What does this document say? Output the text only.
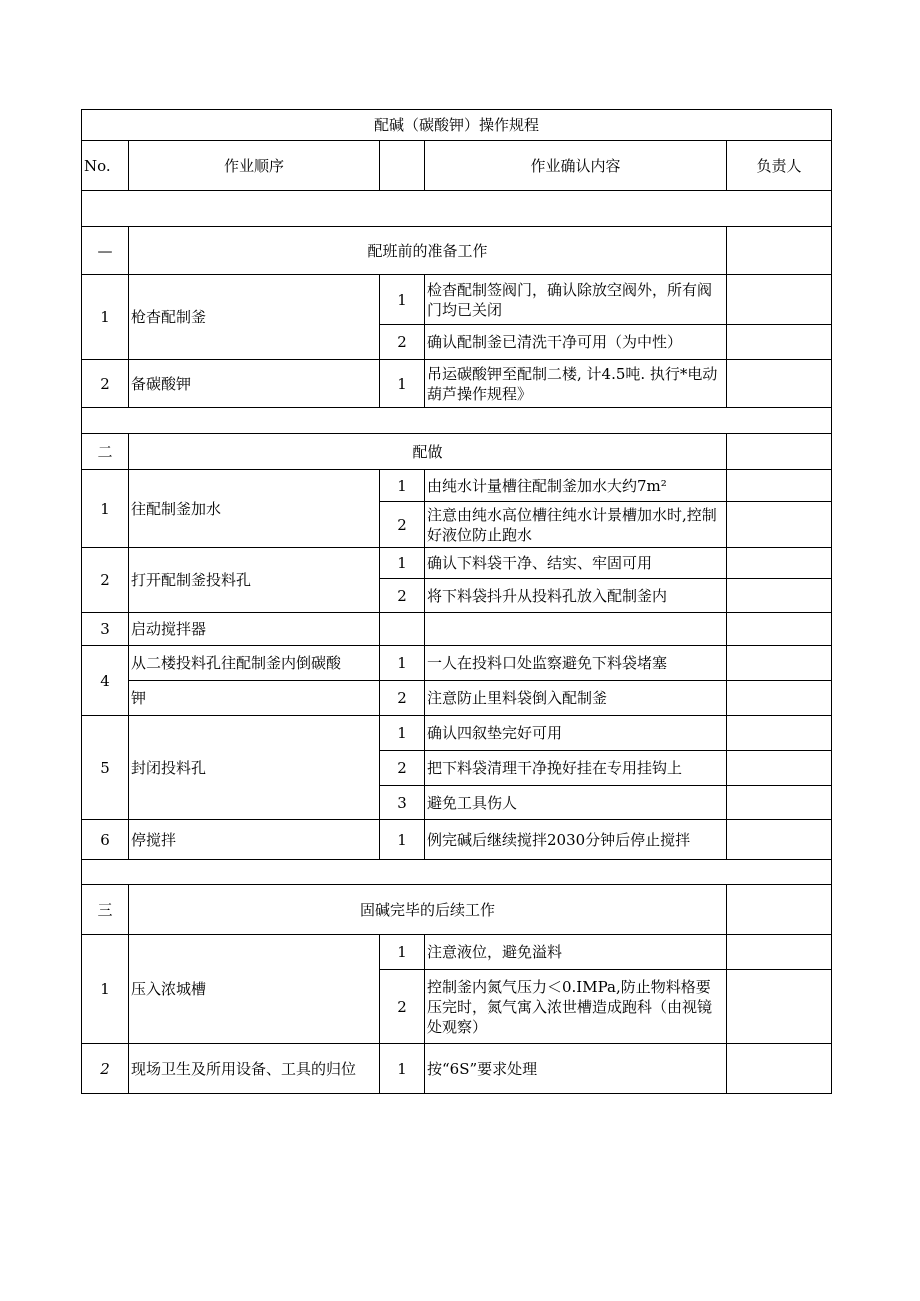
配碱（碳酸钾）操作规程				
No.	作业顺序		作业确认内容	负责人

—	配班前的准备工作			
1	枪杳配制釜	1	检杳配制签阀门，确认除放空阀外，所有阀门均已关闭	
		2	确认配制釜已清洗干净可用（为中性）	
2	备碳酸钾	1	吊运碳酸钾至配制二楼, 计4.5吨. 执行*电动葫芦操作规程》	

二	配做			
1	往配制釜加水	1	由纯水计量槽往配制釜加水大约7m²	
		2	注意由纯水高位槽往纯水计景槽加水时,控制好液位防止跑水	
2	打开配制釜投料孔	1	确认下料袋干净、结实、牢固可用	
		2	将下料袋抖升从投料孔放入配制釜内	
3	启动搅拌器			
4	从二楼投料孔往配制釜内倒碳酸	1	一人在投料口处监察避免下料袋堵塞	
	钾	2	注意防止里料袋倒入配制釜	
5	封闭投料孔	1	确认四叙垫完好可用	
		2	把下料袋清理干净挽好挂在专用挂钩上	
		3	避免工具伤人	
6	停搅拌	1	例完碱后继续搅拌2030分钟后停止搅拌	

三	固碱完毕的后续工作			
1	压入浓城槽	1	注意液位，避免溢料	
		2	控制釜内氮气压力＜0.IMPa,防止物料格要压完时，氮气寓入浓世槽造成跑科（由视镜处观察）	
2	现场卫生及所用设备、工具的归位	1	按“6S”要求处理	
